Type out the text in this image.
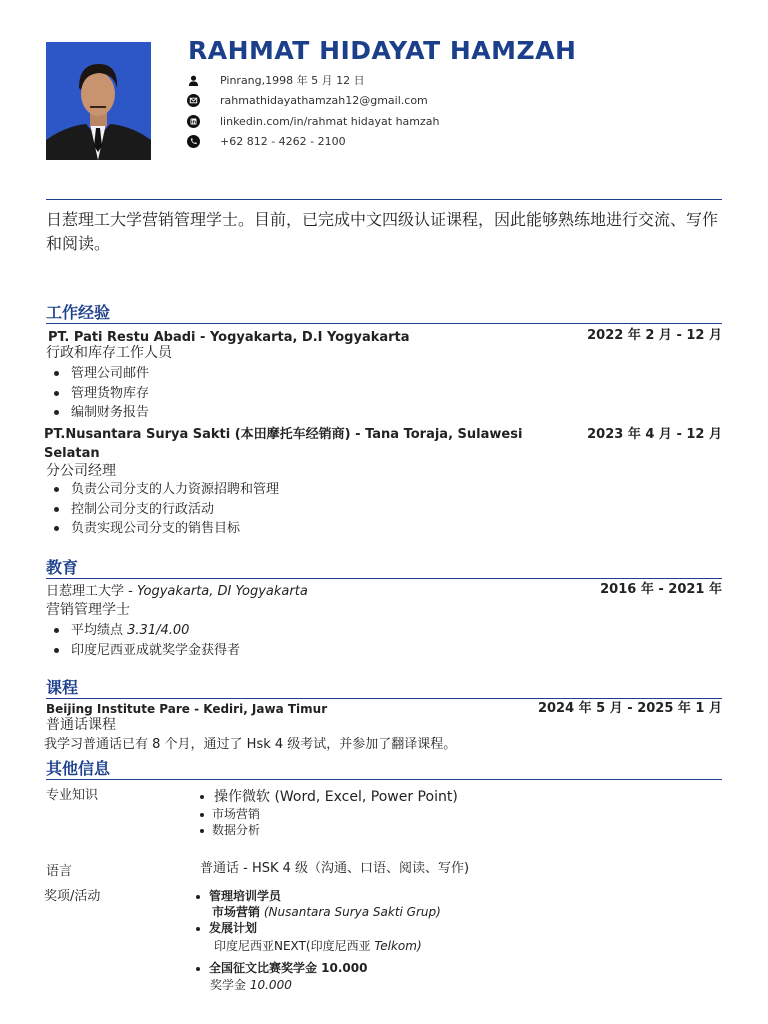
RAHMAT HIDAYAT HAMZAH
Pinrang,1998 年 5 月 12 日
rahmathidayathamzah12@gmail.com
in linkedin.com/in/rahmat hidayat hamzah
+62 812 - 4262 - 2100
日惹理工大学营销管理学士。目前，已完成中文四级认证课程，因此能够熟练地进行交流、写作和阅读。
工作经验
PT. Pati Restu Abadi - Yogyakarta, D.I Yogyakarta	2022 年 2 月 - 12 月
行政和库存工作人员
管理公司邮件
管理货物库存
编制财务报告
PT.Nusantara Surya Sakti (本田摩托车经销商) - Tana Toraja, Sulawesi	2023 年 4 月 - 12 月
Selatan
分公司经理
负责公司分支的人力资源招聘和管理
控制公司分支的行政活动
负责实现公司分支的销售目标
教育
日惹理工大学 - Yogyakarta, DI Yogyakarta	2016 年 - 2021 年
营销管理学士
平均绩点 3.31/4.00
印度尼西亚成就奖学金获得者
课程
Beijing Institute Pare - Kediri, Jawa Timur	2024 年 5 月 - 2025 年 1 月
普通话课程
我学习普通话已有 8 个月，通过了 Hsk 4 级考试，并参加了翻译课程。
其他信息
专业知识	操作微软 (Word, Excel, Power Point)
市场营销
数据分析
语言	普通话 - HSK 4 级（沟通、口语、阅读、写作)
奖项/活动	管理培训学员
市场营销 (Nusantara Surya Sakti Grup)
发展计划
印度尼西亚NEXT(印度尼西亚 Telkom)
全国征文比赛奖学金 10.000
奖学金 10.000
